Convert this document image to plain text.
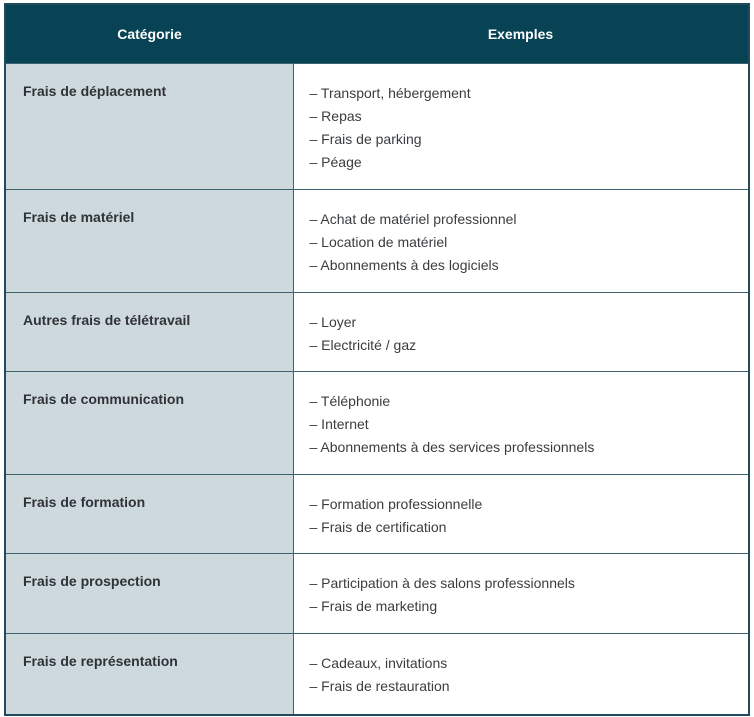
Catégorie	Exemples
Frais de déplacement	– Transport, hébergement
– Repas
– Frais de parking
– Péage

Frais de matériel	– Achat de matériel professionnel
– Location de matériel
– Abonnements à des logiciels

Autres frais de télétravail	– Loyer
– Electricité / gaz

Frais de communication	– Téléphonie
– Internet
– Abonnements à des services professionnels

Frais de formation	– Formation professionnelle
– Frais de certification

Frais de prospection	– Participation à des salons professionnels
– Frais de marketing

Frais de représentation	– Cadeaux, invitations
– Frais de restauration
